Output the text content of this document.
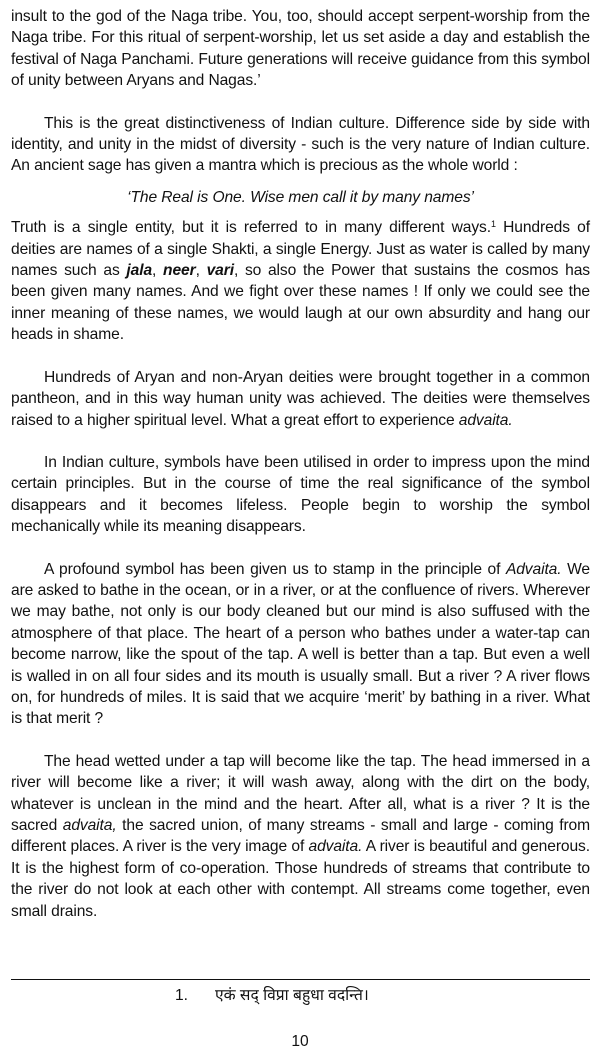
insult to the god of the Naga tribe. You, too, should accept serpent-worship from the Naga tribe. For this ritual of serpent-worship, let us set aside a day and establish the festival of Naga Panchami. Future generations will receive guidance from this symbol of unity between Aryans and Nagas.’

This is the great distinctiveness of Indian culture. Difference side by side with identity, and unity in the midst of diversity - such is the very nature of Indian culture. An ancient sage has given a mantra which is precious as the whole world :

‘The Real is One. Wise men call it by many names’

Truth is a single entity, but it is referred to in many different ways.$^1$ Hundreds of deities are names of a single Shakti, a single Energy. Just as water is called by many names such as jala, neer, vari, so also the Power that sustains the cosmos has been given many names. And we fight over these names ! If only we could see the inner meaning of these names, we would laugh at our own absurdity and hang our heads in shame.

Hundreds of Aryan and non-Aryan deities were brought together in a common pantheon, and in this way human unity was achieved. The deities were themselves raised to a higher spiritual level. What a great effort to experience advaita.

In Indian culture, symbols have been utilised in order to impress upon the mind certain principles. But in the course of time the real significance of the symbol disappears and it becomes lifeless. People begin to worship the symbol mechanically while its meaning disappears.

A profound symbol has been given us to stamp in the principle of Advaita. We are asked to bathe in the ocean, or in a river, or at the confluence of rivers. Wherever we may bathe, not only is our body cleaned but our mind is also suffused with the atmosphere of that place. The heart of a person who bathes under a water-tap can become narrow, like the spout of the tap. A well is better than a tap. But even a well is walled in on all four sides and its mouth is usually small. But a river ? A river flows on, for hundreds of miles. It is said that we acquire ‘merit’ by bathing in a river. What is that merit ?

The head wetted under a tap will become like the tap. The head immersed in a river will become like a river; it will wash away, along with the dirt on the body, whatever is unclean in the mind and the heart. After all, what is a river ? It is the sacred advaita, the sacred union, of many streams - small and large - coming from different places. A river is the very image of advaita. A river is beautiful and generous. It is the highest form of co-operation. Those hundreds of streams that contribute to the river do not look at each other with contempt. All streams come together, even small drains.

1. एकं सद् विप्रा बहुधा वदन्ति।
10
